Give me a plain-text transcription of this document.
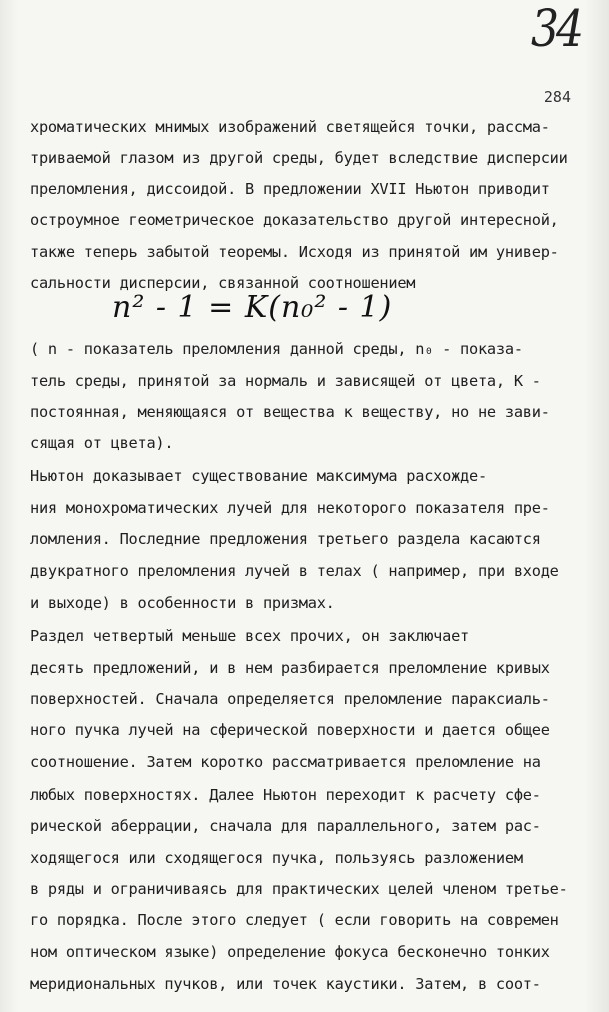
34
284
хроматических мнимых изображений светящейся точки, рассма-
триваемой глазом из другой среды, будет вследствие дисперсии
преломления, диссоидой. В предложении XVII Ньютон приводит
остроумное геометрическое доказательство другой интересной,
также теперь забытой теоремы. Исходя из принятой им универ-
сальности дисперсии, связанной соотношением
n² - 1 = K(n₀² - 1)
( n - показатель преломления данной среды, n₀ - показа-
тель среды, принятой за нормаль и зависящей от цвета, K -
постоянная, меняющаяся от вещества к веществу, но не зави-
сящая от цвета).
Ньютон доказывает существование максимума расхожде-
ния монохроматических лучей для некоторого показателя пре-
ломления. Последние предложения третьего раздела касаются
двукратного преломления лучей в телах ( например, при входе
и выходе) в особенности в призмах.
Раздел четвертый меньше всех прочих, он заключает
десять предложений, и в нем разбирается преломление кривых
поверхностей. Сначала определяется преломление параксиаль-
ного пучка лучей на сферической поверхности и дается общее
соотношение. Затем коротко рассматривается преломление на
любых поверхностях. Далее Ньютон переходит к расчету сфе-
рической аберрации, сначала для параллельного, затем рас-
ходящегося или сходящегося пучка, пользуясь разложением
в ряды и ограничиваясь для практических целей членом третье-
го порядка. После этого следует ( если говорить на современ
ном оптическом языке) определение фокуса бесконечно тонких
меридиональных пучков, или точек каустики. Затем, в соот-
